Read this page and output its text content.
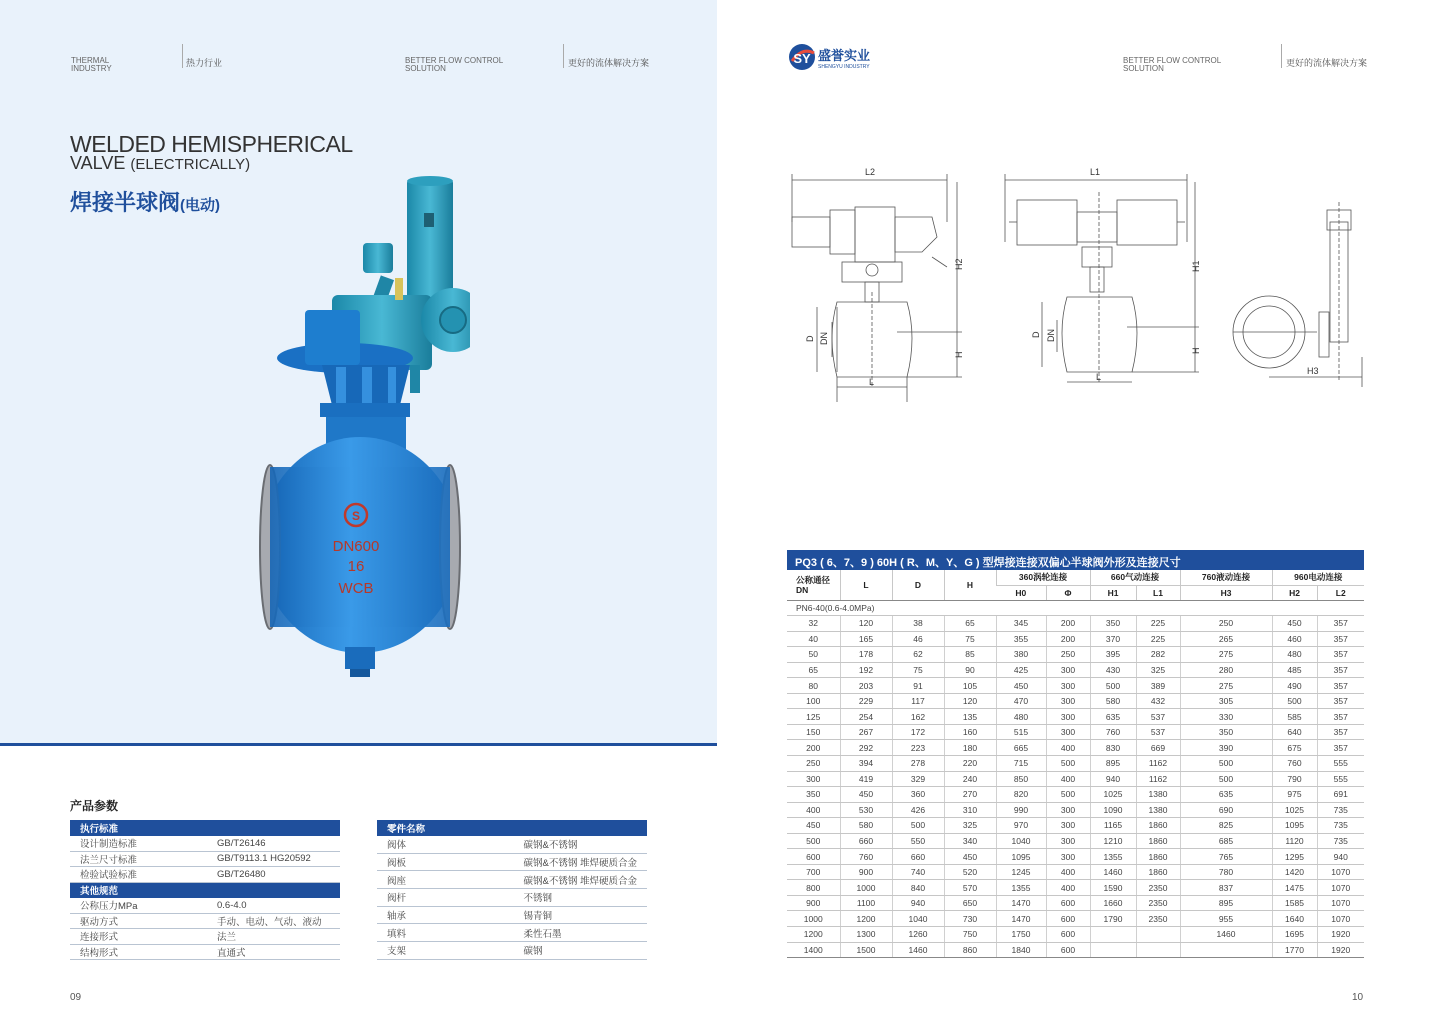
THERMAL
INDUSTRY
热力行业	BETTER FLOW CONTROL
SOLUTION
更好的流体解决方案
WELDED HEMISPHERICAL
VALVE (ELECTRICALLY)
焊接半球阀(电动)
S
DN600
16
WCB
产品参数
执行标准	
设计制造标准	GB/T26146
法兰尺寸标准	GB/T9113.1 HG20592
检验试验标准	GB/T26480
其他规范	
公称压力MPa	0.6-4.0
驱动方式	手动、电动、气动、液动
连接形式	法兰
结构形式	直通式
零件名称	
阀体	碳钢&不锈钢
阀板	碳钢&不锈钢 堆焊硬质合金
阀座	碳钢&不锈钢 堆焊硬质合金
阀杆	不锈钢
轴承	锡青铜
填料	柔性石墨
支架	碳钢
09
SY 盛誉实业
SHENGYU INDUSTRY
BETTER FLOW CONTROL
SOLUTION
更好的流体解决方案
L2	L1
H2	H1
H
H
D DN	D DN
L	L
H3
PQ3 ( 6、7、9 ) 60H ( R、M、Y、G ) 型焊接连接双偏心半球阀外形及连接尺寸
公称通径
DN	L	D	H	360涡轮连接		660气动连接		760液动连接	960电动连接	
				H0	Φ	H1	L1	H3	H2	L2
PN6-40(0.6-4.0MPa)										
32	120	38	65	345	200	350	225	250	450	357
40	165	46	75	355	200	370	225	265	460	357
50	178	62	85	380	250	395	282	275	480	357
65	192	75	90	425	300	430	325	280	485	357
80	203	91	105	450	300	500	389	275	490	357
100	229	117	120	470	300	580	432	305	500	357
125	254	162	135	480	300	635	537	330	585	357
150	267	172	160	515	300	760	537	350	640	357
200	292	223	180	665	400	830	669	390	675	357
250	394	278	220	715	500	895	1162	500	760	555
300	419	329	240	850	400	940	1162	500	790	555
350	450	360	270	820	500	1025	1380	635	975	691
400	530	426	310	990	300	1090	1380	690	1025	735
450	580	500	325	970	300	1165	1860	825	1095	735
500	660	550	340	1040	300	1210	1860	685	1120	735
600	760	660	450	1095	300	1355	1860	765	1295	940
700	900	740	520	1245	400	1460	1860	780	1420	1070
800	1000	840	570	1355	400	1590	2350	837	1475	1070
900	1100	940	650	1470	600	1660	2350	895	1585	1070
1000	1200	1040	730	1470	600	1790	2350	955	1640	1070
1200	1300	1260	750	1750	600			1460	1695	1920
1400	1500	1460	860	1840	600				1770	1920
10
